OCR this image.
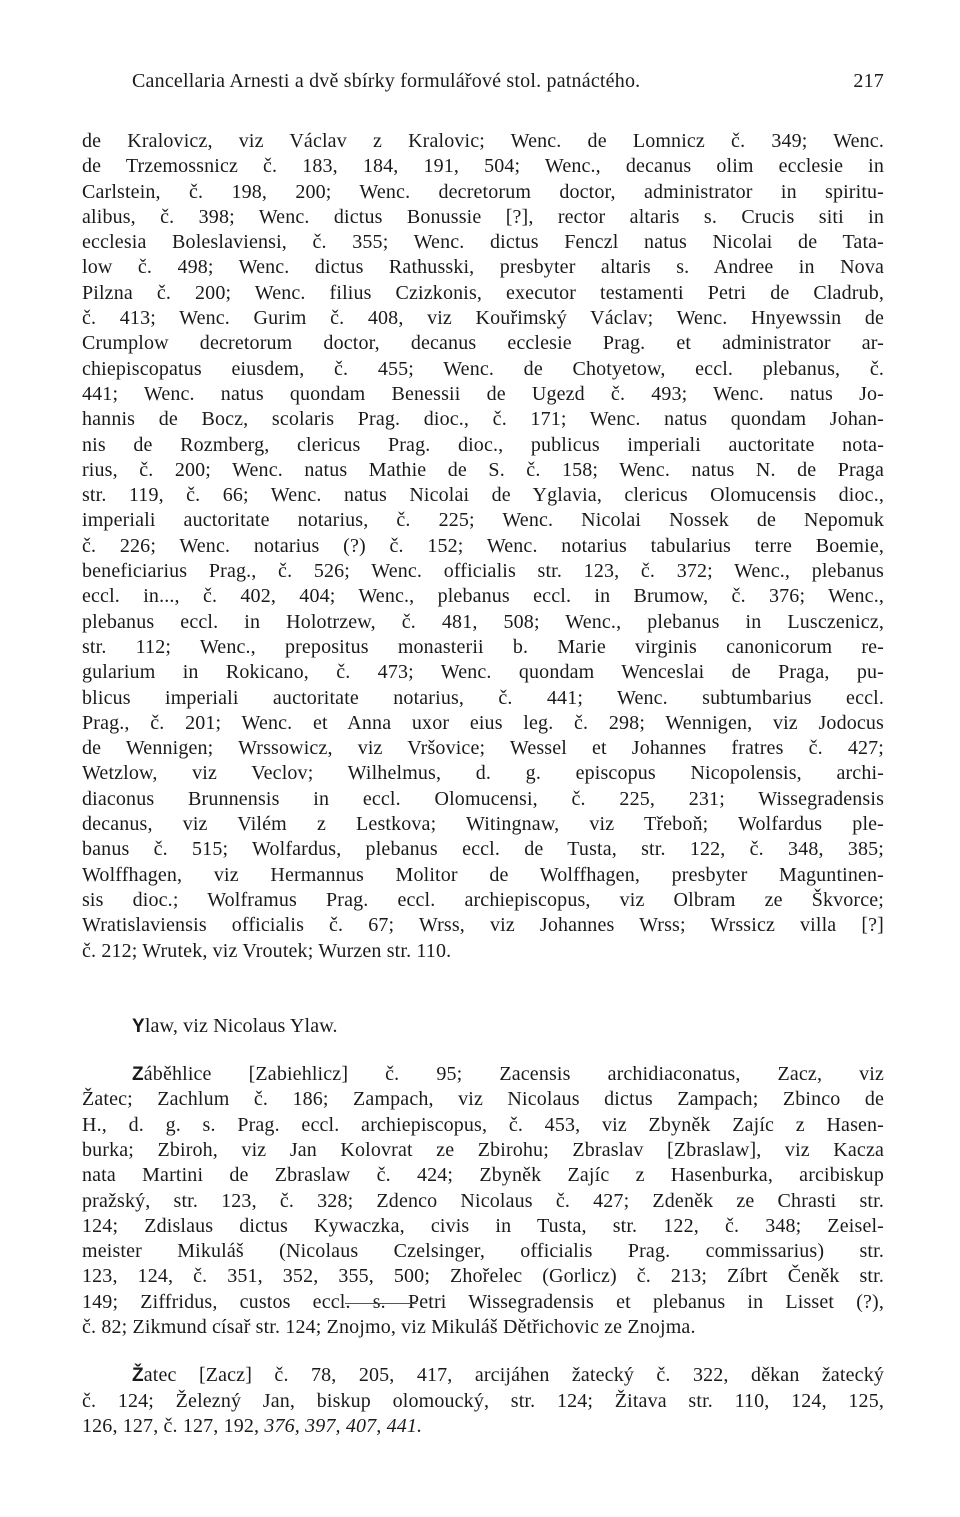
Cancellaria Arnesti a dvě sbírky formulářové stol. patnáctého.	217
de Kralovicz, viz Václav z Kralovic; Wenc. de Lomnicz č. 349; Wenc.
de Trzemossnicz č. 183, 184, 191, 504; Wenc., decanus olim ecclesie in
Carlstein, č. 198, 200; Wenc. decretorum doctor, administrator in spiritu-
alibus, č. 398; Wenc. dictus Bonussie [?], rector altaris s. Crucis siti in
ecclesia Boleslaviensi, č. 355; Wenc. dictus Fenczl natus Nicolai de Tata-
low č. 498; Wenc. dictus Rathusski, presbyter altaris s. Andree in Nova
Pilzna č. 200; Wenc. filius Czizkonis, executor testamenti Petri de Cladrub,
č. 413; Wenc. Gurim č. 408, viz Kouřimský Václav; Wenc. Hnyewssin de
Crumplow decretorum doctor, decanus ecclesie Prag. et administrator ar-
chiepiscopatus eiusdem, č. 455; Wenc. de Chotyetow, eccl. plebanus, č.
441; Wenc. natus quondam Benessii de Ugezd č. 493; Wenc. natus Jo-
hannis de Bocz, scolaris Prag. dioc., č. 171; Wenc. natus quondam Johan-
nis de Rozmberg, clericus Prag. dioc., publicus imperiali auctoritate nota-
rius, č. 200; Wenc. natus Mathie de S. č. 158; Wenc. natus N. de Praga
str. 119, č. 66; Wenc. natus Nicolai de Yglavia, clericus Olomucensis dioc.,
imperiali auctoritate notarius, č. 225; Wenc. Nicolai Nossek de Nepomuk
č. 226; Wenc. notarius (?) č. 152; Wenc. notarius tabularius terre Boemie,
beneficiarius Prag., č. 526; Wenc. officialis str. 123, č. 372; Wenc., plebanus
eccl. in..., č. 402, 404; Wenc., plebanus eccl. in Brumow, č. 376; Wenc.,
plebanus eccl. in Holotrzew, č. 481, 508; Wenc., plebanus in Lusczenicz,
str. 112; Wenc., prepositus monasterii b. Marie virginis canonicorum re-
gularium in Rokicano, č. 473; Wenc. quondam Wenceslai de Praga, pu-
blicus imperiali auctoritate notarius, č. 441; Wenc. subtumbarius eccl.
Prag., č. 201; Wenc. et Anna uxor eius leg. č. 298; Wennigen, viz Jodocus
de Wennigen; Wrssowicz, viz Vršovice; Wessel et Johannes fratres č. 427;
Wetzlow, viz Veclov; Wilhelmus, d. g. episcopus Nicopolensis, archi-
diaconus Brunnensis in eccl. Olomucensi, č. 225, 231; Wissegradensis
decanus, viz Vilém z Lestkova; Witingnaw, viz Třeboň; Wolfardus ple-
banus č. 515; Wolfardus, plebanus eccl. de Tusta, str. 122, č. 348, 385;
Wolffhagen, viz Hermannus Molitor de Wolffhagen, presbyter Maguntinen-
sis dioc.; Wolframus Prag. eccl. archiepiscopus, viz Olbram ze Škvorce;
Wratislaviensis officialis č. 67; Wrss, viz Johannes Wrss; Wrssicz villa [?]
č. 212; Wrutek, viz Vroutek; Wurzen str. 110.
Ylaw, viz Nicolaus Ylaw.
Záběhlice [Zabiehlicz] č. 95; Zacensis archidiaconatus, Zacz, viz
Žatec; Zachlum č. 186; Zampach, viz Nicolaus dictus Zampach; Zbinco de
H., d. g. s. Prag. eccl. archiepiscopus, č. 453, viz Zbyněk Zajíc z Hasen-
burka; Zbiroh, viz Jan Kolovrat ze Zbirohu; Zbraslav [Zbraslaw], viz Kacza
nata Martini de Zbraslaw č. 424; Zbyněk Zajíc z Hasenburka, arcibiskup
pražský, str. 123, č. 328; Zdenco Nicolaus č. 427; Zdeněk ze Chrasti str.
124; Zdislaus dictus Kywaczka, civis in Tusta, str. 122, č. 348; Zeisel-
meister Mikuláš (Nicolaus Czelsinger, officialis Prag. commissarius) str.
123, 124, č. 351, 352, 355, 500; Zhořelec (Gorlicz) č. 213; Zíbrt Čeněk str.
149; Ziffridus, custos eccl. s. Petri Wissegradensis et plebanus in Lisset (?),
č. 82; Zikmund císař str. 124; Znojmo, viz Mikuláš Dětřichovic ze Znojma.
Žatec [Zacz] č. 78, 205, 417, arcijáhen žatecký č. 322, děkan žatecký
č. 124; Železný Jan, biskup olomoucký, str. 124; Žitava str. 110, 124, 125,
126, 127, č. 127, 192, 376, 397, 407, 441.
